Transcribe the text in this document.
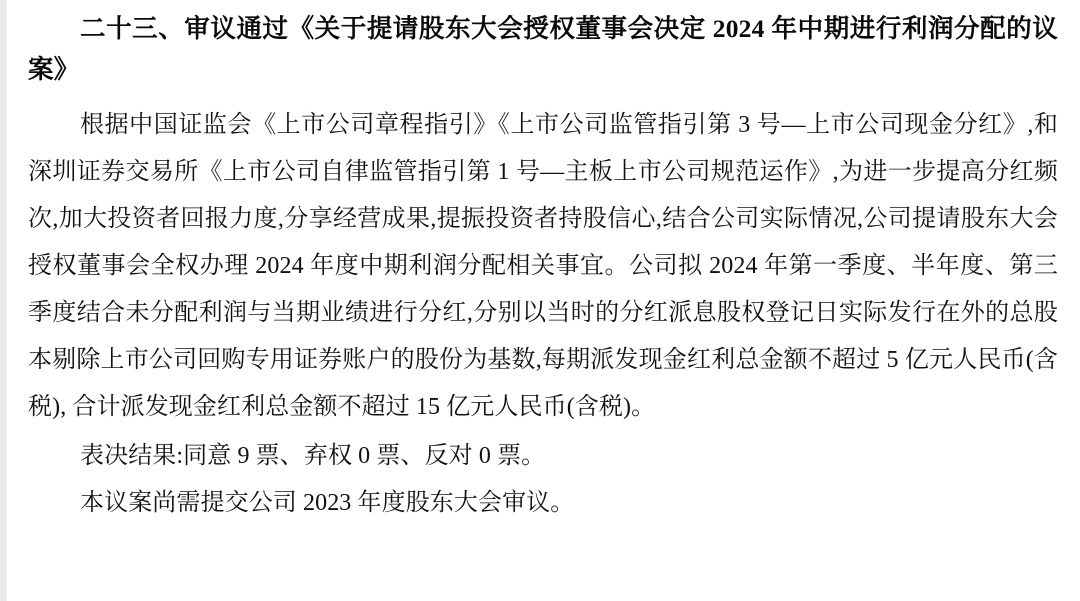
二十三、审议通过《关于提请股东大会授权董事会决定 2024 年中期进行利润分配的议案》

根据中国证监会《上市公司章程指引》《上市公司监管指引第 3 号—上市公司现金分红》,和深圳证券交易所《上市公司自律监管指引第 1 号—主板上市公司规范运作》,为进一步提高分红频次,加大投资者回报力度,分享经营成果,提振投资者持股信心,结合公司实际情况,公司提请股东大会授权董事会全权办理 2024 年度中期利润分配相关事宜。公司拟 2024 年第一季度、半年度、第三季度结合未分配利润与当期业绩进行分红,分别以当时的分红派息股权登记日实际发行在外的总股本剔除上市公司回购专用证券账户的股份为基数,每期派发现金红利总金额不超过 5 亿元人民币(含税), 合计派发现金红利总金额不超过 15 亿元人民币(含税)。

表决结果:同意 9 票、弃权 0 票、反对 0 票。

本议案尚需提交公司 2023 年度股东大会审议。
